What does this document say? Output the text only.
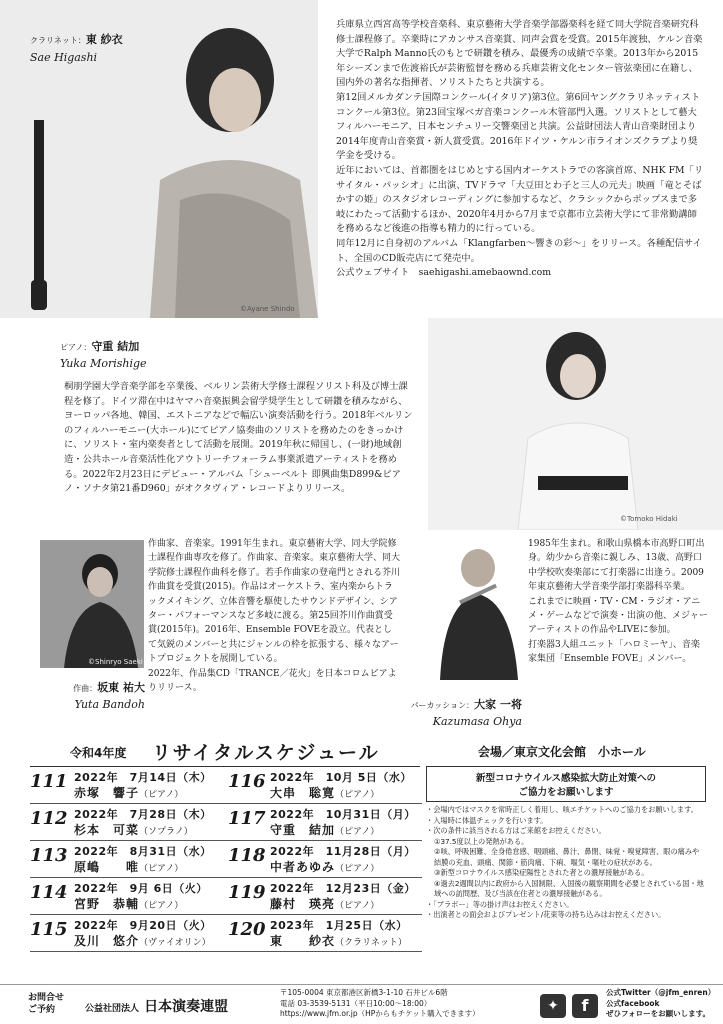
クラリネット：東 紗衣
Sae Higashi
©Ayane Shindo

兵庫県立西宮高等学校音楽科、東京藝術大学音楽学部器楽科を経て同大学院音楽研究科修士課程修了。卒業時にアカンサス音楽賞、同声会賞を受賞。2015年渡独、ケルン音楽大学でRalph Manno氏のもとで研鑽を積み、最優秀の成績で卒業。2013年から2015年シーズンまで佐渡裕氏が芸術監督を務める兵庫芸術文化センター管弦楽団に在籍し、国内外の著名な指揮者、ソリストたちと共演する。

第12回メルカダンテ国際コンクール(イタリア)第3位。第6回ヤングクラリネッティストコンクール第3位。第23回宝塚ベガ音楽コンクール木管部門入選。ソリストとして藝大フィルハーモニア、日本センチュリー交響楽団と共演。公益財団法人青山音楽財団より2014年度青山音楽賞・新人賞受賞。2016年ドイツ・ケルン市ライオンズクラブより奨学金を受ける。

近年においては、首都圏をはじめとする国内オーケストラでの客演首席、NHK FM「リサイタル・パッシオ」に出演、TVドラマ「大豆田とわ子と三人の元夫」映画「竜とそばかすの姫」のスタジオレコーディングに参加するなど、クラシックからポップスまで多岐にわたって活動するほか、2020年4月から7月まで京都市立芸術大学にて非常勤講師を務めるなど後進の指導も精力的に行っている。

同年12月に自身初のアルバム「Klangfarben～響きの彩～」をリリース。各種配信サイト、全国のCD販売店にて発売中。

公式ウェブサイト　saehigashi.amebaownd.com

ピアノ：守重 結加
Yuka Morishige
桐朋学園大学音楽学部を卒業後、ベルリン芸術大学修士課程ソリスト科及び博士課程を修了。ドイツ滞在中はヤマハ音楽振興会留学奨学生として研鑽を積みながら、ヨーロッパ各地、韓国、エストニアなどで幅広い演奏活動を行う。2018年ベルリンのフィルハーモニー(大ホール)にてピアノ協奏曲のソリストを務めたのをきっかけに、ソリスト・室内楽奏者として活動を展開。2019年秋に帰国し、(一財)地域創造・公共ホール音楽活性化アウトリーチフォーラム事業派遣アーティストを務める。2022年2月23日にデビュー・アルバム「シューベルト 即興曲集D899&ピアノ・ソナタ第21番D960」がオクタヴィア・レコードよりリリース。
©Tomoko Hidaki
©Shinryo Saeki
作曲：坂東 祐大
Yuta Bandoh

作曲家、音楽家。1991年生まれ。東京藝術大学、同大学院修士課程作曲専攻を修了。作曲家、音楽家。東京藝術大学、同大学院修士課程作曲科を修了。若手作曲家の登竜門とされる芥川作曲賞を受賞(2015)。作品はオーケストラ、室内楽からトラックメイキング、立体音響を駆使したサウンドデザイン、シアター・パフォーマンスなど多岐に渡る。第25回芥川作曲賞受賞(2015年)。2016年、Ensemble FOVEを設立。代表として気鋭のメンバーと共にジャンルの枠を拡張する、様々なアートプロジェクトを展開している。

2022年、作品集CD「TRANCE／花火」を日本コロムビアよりリリース。

パーカッション：大家 一将
Kazumasa Ohya

1985年生まれ。和歌山県橋本市高野口町出身。幼少から音楽に親しみ、13歳、高野口中学校吹奏楽部にて打楽器に出逢う。2009年東京藝術大学音楽学部打楽器科卒業。

これまでに映画・TV・CM・ラジオ・アニメ・ゲームなどで演奏・出演の他、メジャーアーティストの作品やLIVEに参加。

打楽器3人組ユニット「ハロミーヤ」、音楽家集団「Ensemble FOVE」メンバー。

令和4年度 リサイタルスケジュール	会場／東京文化会館　小ホール
111 2022年　7月14日（木）
赤塚　響子（ピアノ）
116 2022年　10月 5日（水）
大串　聡寛（ピアノ）
112 2022年　7月28日（木）
杉本　可菜（ソプラノ）
117 2022年　10月31日（月）
守重　結加（ピアノ）
113 2022年　8月31日（水）
原嶋　　唯（ピアノ）
118 2022年　11月28日（月）
中者あゆみ（ピアノ）
114 2022年　9月 6日（火）
宮野　恭輔（ピアノ）
119 2022年　12月23日（金）
藤村　瑛亮（ピアノ）
115 2022年　9月20日（火）
及川　悠介（ヴァイオリン）
120 2023年　1月25日（水）
東　　紗衣（クラリネット）
新型コロナウイルス感染拡大防止対策への
ご協力をお願いします

・会場内ではマスクを常時正しく着用し、咳エチケットへのご協力をお願いします。

・入場時に体温チェックを行います。

・次の条件に該当される方はご来館をお控えください。

①37.5度以上の発熱がある。

②咳、呼吸困難、全身倦怠感、咽頭痛、鼻汁、鼻閉、味覚・嗅覚障害、眼の痛みや結膜の充血、頭痛、関節・筋肉痛、下痢、嘔気・嘔吐の症状がある。

③新型コロナウイルス感染症陽性とされた者との濃厚接触がある。

④過去2週間以内に政府から入国制限、入国後の観察期間を必要とされている国・地域への訪問歴、及び当該在住者との濃厚接触がある。

・「ブラボー」等の掛け声はお控えください。

・出演者との面会およびプレゼント/花束等の持ち込みはお控えください。

お問合せ
ご予約	公益社団法人 日本演奏連盟
〒105-0004 東京都港区新橋3-1-10 石井ビル6階
電話 03-3539-5131（平日10:00～18:00）
https://www.jfm.or.jp（HPからもチケット購入できます）	✦	f
公式Twitter（@jfm_enren）
公式facebook
ぜひフォローをお願いします。
